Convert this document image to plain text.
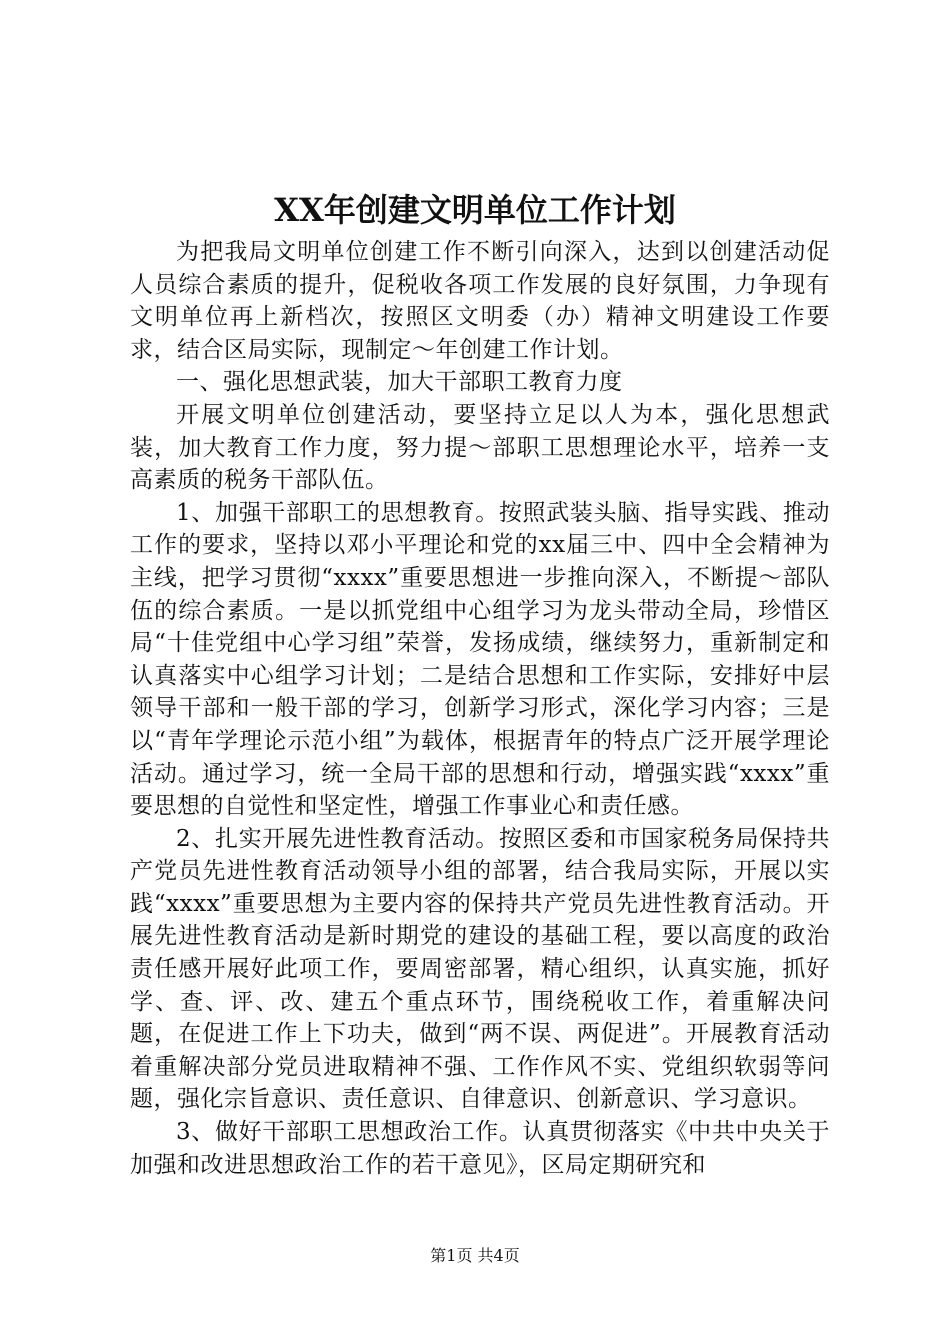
XX年创建文明单位工作计划

为把我局文明单位创建工作不断引向深入，达到以创建活动促人员综合素质的提升，促税收各项工作发展的良好氛围，力争现有文明单位再上新档次，按照区文明委（办）精神文明建设工作要求，结合区局实际，现制定～年创建工作计划。

一、强化思想武装，加大干部职工教育力度

开展文明单位创建活动，要坚持立足以人为本，强化思想武装，加大教育工作力度，努力提～部职工思想理论水平，培养一支高素质的税务干部队伍。

1、加强干部职工的思想教育。按照武装头脑、指导实践、推动工作的要求，坚持以邓小平理论和党的xx届三中、四中全会精神为主线，把学习贯彻“xxxx”重要思想进一步推向深入，不断提～部队伍的综合素质。一是以抓党组中心组学习为龙头带动全局，珍惜区局“十佳党组中心学习组”荣誉，发扬成绩，继续努力，重新制定和认真落实中心组学习计划；二是结合思想和工作实际，安排好中层领导干部和一般干部的学习，创新学习形式，深化学习内容；三是以“青年学理论示范小组”为载体，根据青年的特点广泛开展学理论活动。通过学习，统一全局干部的思想和行动，增强实践“xxxx”重要思想的自觉性和坚定性，增强工作事业心和责任感。

2、扎实开展先进性教育活动。按照区委和市国家税务局保持共产党员先进性教育活动领导小组的部署，结合我局实际，开展以实践“xxxx”重要思想为主要内容的保持共产党员先进性教育活动。开展先进性教育活动是新时期党的建设的基础工程，要以高度的政治责任感开展好此项工作，要周密部署，精心组织，认真实施，抓好学、查、评、改、建五个重点环节，围绕税收工作，着重解决问题，在促进工作上下功夫，做到“两不误、两促进”。开展教育活动着重解决部分党员进取精神不强、工作作风不实、党组织软弱等问题，强化宗旨意识、责任意识、自律意识、创新意识、学习意识。

3、做好干部职工思想政治工作。认真贯彻落实《中共中央关于加强和改进思想政治工作的若干意见》，区局定期研究和

第1页 共4页
